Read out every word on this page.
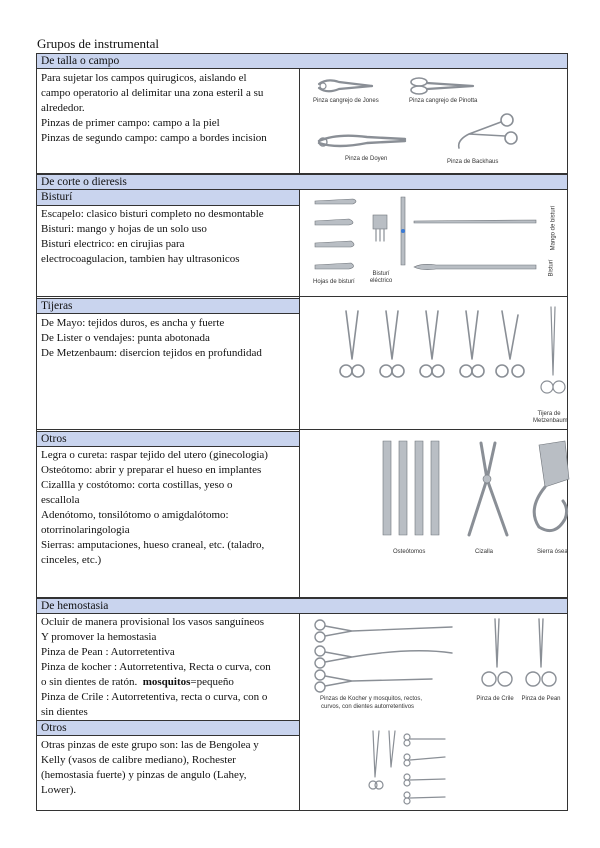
Grupos de instrumental
De talla o campo
Para sujetar los campos quirugicos, aislando el
campo operatorio al delimitar una zona esteril a su
alrededor.
Pinzas de primer campo: campo a la piel
Pinzas de segundo campo: campo a bordes incision
Pinza cangrejo de Jones	Pinza cangrejo de Pinotta
Pinza de Doyen	Pinza de Backhaus
De corte o dieresis
Bisturí
Escapelo: clasico bisturi completo no desmontable
Bisturi: mango y hojas de un solo uso
Bisturi electrico: en cirujias para
electrocoagulacion, tambien hay ultrasonicos
Hojas de bisturí
Bisturí eléctrico
Mango de bisturí
Bisturí
Tijeras
De Mayo: tejidos duros, es ancha y fuerte
De Lister o vendajes: punta abotonada
De Metzenbaum: disercion tejidos en profundidad
Tijera de Metzenbaum
Otros
Legra o cureta: raspar tejido del utero (ginecologia)
Osteótomo: abrir y preparar el hueso en implantes
Cizallla y costótomo: corta costillas, yeso o
escallola
Adenótomo, tonsilótomo o amigdalótomo:
otorrinolaringologia
Sierras: amputaciones, hueso craneal, etc. (taladro,
cinceles, etc.)
Osteótomos	Cizalla	Sierra ósea
De hemostasia
Ocluir de manera provisional los vasos sanguíneos
Y promover la hemostasia
Pinza de Pean : Autorretentiva
Pinza de kocher : Autorretentiva, Recta o curva, con
o sin dientes de ratón.  mosquitos=pequeño
Pinza de Crile : Autorretentiva, recta o curva, con o
sin dientes
Pinzas de Kocher y mosquitos, rectos,
curvos, con dientes autorretentivos
Pinza de Crile Pinza de Pean
Otros
Otras pinzas de este grupo son: las de Bengolea y
Kelly (vasos de calibre mediano), Rochester
(hemostasia fuerte) y pinzas de angulo (Lahey,
Lower).
